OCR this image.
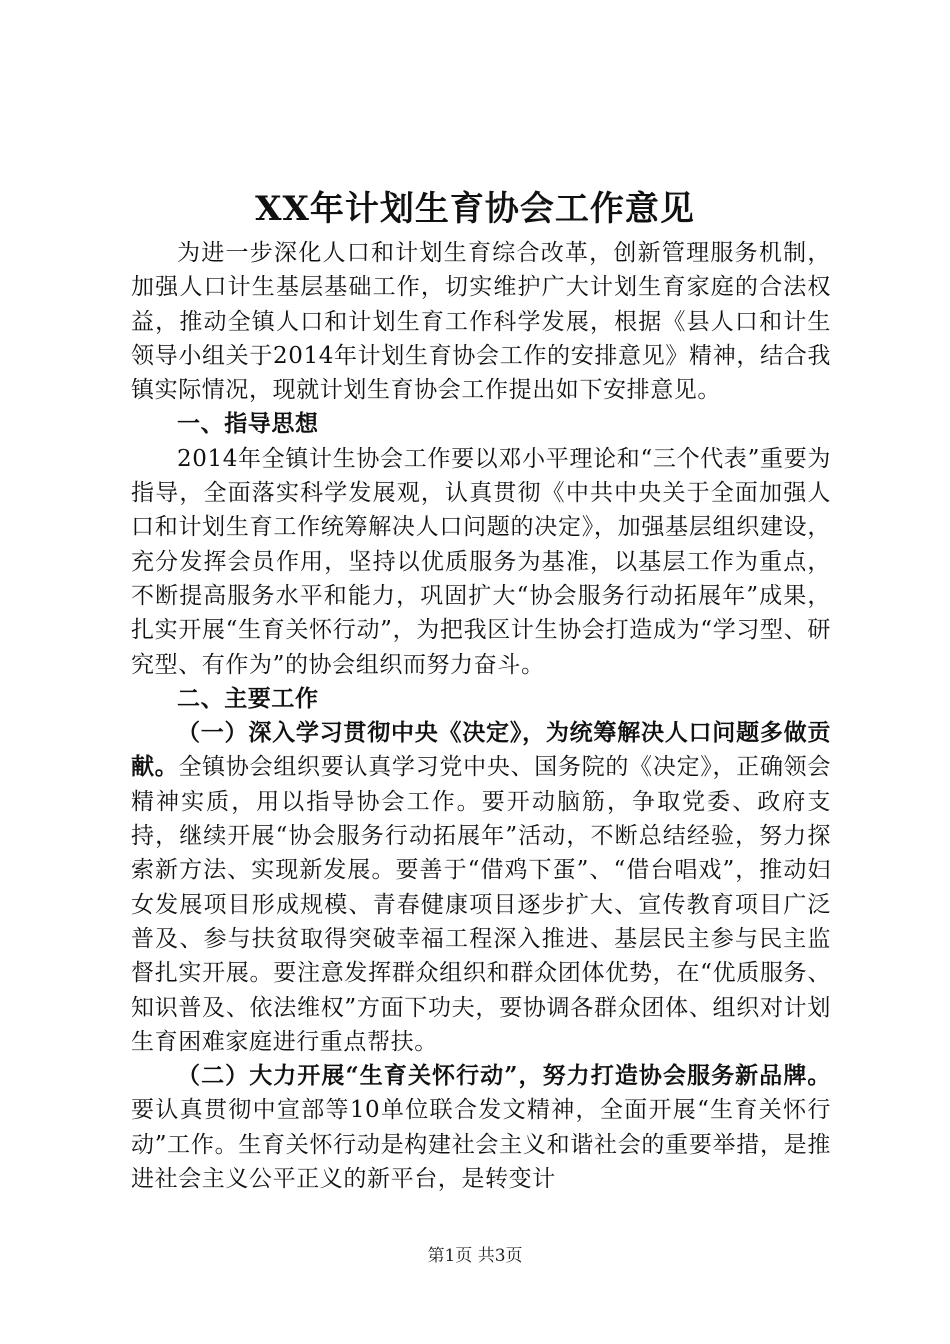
XX年计划生育协会工作意见

为进一步深化人口和计划生育综合改革，创新管理服务机制，加强人口计生基层基础工作，切实维护广大计划生育家庭的合法权益，推动全镇人口和计划生育工作科学发展，根据《县人口和计生领导小组关于2014年计划生育协会工作的安排意见》精神，结合我镇实际情况，现就计划生育协会工作提出如下安排意见。

一、指导思想

2014年全镇计生协会工作要以邓小平理论和“三个代表”重要为指导，全面落实科学发展观，认真贯彻《中共中央关于全面加强人口和计划生育工作统筹解决人口问题的决定》，加强基层组织建设，充分发挥会员作用，坚持以优质服务为基准，以基层工作为重点，不断提高服务水平和能力，巩固扩大“协会服务行动拓展年”成果，扎实开展“生育关怀行动”，为把我区计生协会打造成为“学习型、研究型、有作为”的协会组织而努力奋斗。

二、主要工作

（一）深入学习贯彻中央《决定》，为统筹解决人口问题多做贡献。全镇协会组织要认真学习党中央、国务院的《决定》，正确领会精神实质，用以指导协会工作。要开动脑筋，争取党委、政府支持，继续开展“协会服务行动拓展年”活动，不断总结经验，努力探索新方法、实现新发展。要善于“借鸡下蛋”、“借台唱戏”，推动妇女发展项目形成规模、青春健康项目逐步扩大、宣传教育项目广泛普及、参与扶贫取得突破幸福工程深入推进、基层民主参与民主监督扎实开展。要注意发挥群众组织和群众团体优势，在“优质服务、知识普及、依法维权”方面下功夫，要协调各群众团体、组织对计划生育困难家庭进行重点帮扶。

（二）大力开展“生育关怀行动”，努力打造协会服务新品牌。要认真贯彻中宣部等10单位联合发文精神，全面开展“生育关怀行动”工作。生育关怀行动是构建社会主义和谐社会的重要举措，是推进社会主义公平正义的新平台，是转变计

第1页 共3页
